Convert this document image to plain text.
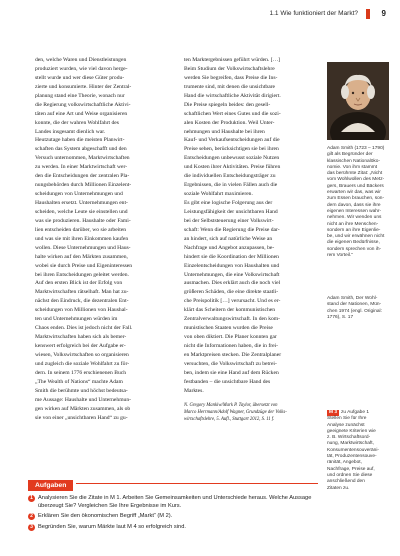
1.1 Wie funktioniert der Markt?	9
den, welche Waren und Dienstleistungen
produziert wurden, wie viel davon herge-
stellt wurde und wer diese Güter produ-
zierte und konsumierte. Hinter der Zentral-
planung stand eine Theorie, wonach nur
die Regierung volkswirtschaftliche Aktivi-
täten auf eine Art und Weise organisieren
konnte, die der wahren Wohlfahrt des
Landes insgesamt dienlich war.
Heutzutage haben die meisten Planwirt-
schaften das System abgeschafft und den
Versuch unternommen, Marktwirtschaften
zu werden. In einer Marktwirtschaft wer-
den die Entscheidungen der zentralen Pla-
nungsbehörden durch Millionen Einzelent-
scheidungen von Unternehmungen und
Haushalten ersetzt. Unternehmungen ent-
scheiden, welche Leute sie einstellen und
was sie produzieren. Haushalte oder Fami-
lien entscheiden darüber, wo sie arbeiten
und was sie mit ihren Einkommen kaufen
wollen. Diese Unternehmungen und Haus-
halte wirken auf den Märkten zusammen,
wobei sie durch Preise und Eigeninteressen
bei ihren Entscheidungen geleitet werden.
Auf den ersten Blick ist der Erfolg von
Marktwirtschaften rätselhaft. Man hat zu-
nächst den Eindruck, die dezentralen Ent-
scheidungen von Millionen von Haushal-
ten und Unternehmungen würden im
Chaos enden. Dies ist jedoch nicht der Fall.
Marktwirtschaften haben sich als bemer-
kenswert erfolgreich bei der Aufgabe er-
wiesen, Volkswirtschaften so organisieren
und zugleich die soziale Wohlfahrt zu för-
dern. In seinem 1776 erschienenen Buch
„The Wealth of Nations“ machte Adam
Smith die berühmte und höchst bedeutsa-
me Aussage: Haushalte und Unternehmun-
gen wirken auf Märkten zusammen, als ob
sie von einer „unsichtbaren Hand“ zu gu-
ten Marktergebnissen geführt würden. […]
Beim Studium der Volkswirtschaftslehre
werden Sie begreifen, dass Preise die Ins-
trumente sind, mit denen die unsichtbare
Hand die wirtschaftliche Aktivität dirigiert.
Die Preise spiegeln beides: den gesell-
schaftlichen Wert eines Gutes und die sozi-
alen Kosten der Produktion. Weil Unter-
nehmungen und Haushalte bei ihren
Kauf- und Verkaufsentscheidungen auf die
Preise sehen, berücksichtigen sie bei ihren
Entscheidungen unbewusst soziale Nutzen
und Kosten ihrer Aktivitäten. Preise führen
die individuellen Entscheidungsträger zu
Ergebnissen, die in vielen Fällen auch die
soziale Wohlfahrt maximieren.
Es gibt eine logische Folgerung aus der
Leistungsfähigkeit der unsichtbaren Hand
bei der Selbststeuerung einer Volkswirt-
schaft: Wenn die Regierung die Preise dar-
an hindert, sich auf natürliche Weise an
Nachfrage und Angebot anzupassen, be-
hindert sie die Koordination der Millionen
Einzelentscheidungen von Haushalten und
Unternehmungen, die eine Volkswirtschaft
ausmachen. Dies erklärt auch die noch viel
größeren Schäden, die eine direkte staatli-
che Preispolitik […] verursacht. Und es er-
klärt das Scheitern der kommunistischen
Zentralverwaltungswirtschaft. In den kom-
munistischen Staaten wurden die Preise
von oben diktiert. Die Planer konnten gar
nicht die Informationen haben, die in frei-
en Marktpreisen stecken. Die Zentralplaner
versuchten, die Volkswirtschaft zu betrei-
ben, indem sie eine Hand auf dem Rücken
festbanden – die unsichtbare Hand des
Marktes.
N. Gregory Mankiw/Mark P. Taylor, übersetzt von
Marco Herrmann/Adolf Wagner, Grundzüge der Volks-
wirtschaftslehre, 5. Aufl., Stuttgart 2012, S. 11 f.
Adam Smith (1723 – 1790)
gilt als Begründer der
klassischen Nationalöko-
nomie. Von ihm stammt
das berühmte Zitat: „Nicht
vom Wohlwollen des Metz-
gers, Brauers und Bäckers
erwarten wir das, was wir
zum Essen brauchen, son-
dern davon, dass sie ihre
eigenen Interessen wahr-
nehmen. Wir wenden uns
nicht an ihre Menschen-
sondern an ihre Eigenlie-
be, und wir erwähnen nicht
die eigenen Bedürfnisse,
sondern sprechen von ih-
rem Vorteil.“
Adam Smith, Der Wohl-
stand der Nationen, Mün-
chen 1974 (engl. Original:
1776), S. 17
M 3 zu Aufgabe 1
Stellen Sie für Ihre
Analyse zunächst
geeignete Kriterien wie
z. B. Wirtschaftsord-
nung, Marktwirtschaft,
Konsumentensouveräni-
tät, Produzentensouve-
ränität, Angebot,
Nachfrage, Preise auf,
und ordnen Sie diese
anschließend den
Zitaten zu.
Aufgaben
1 Analysieren Sie die Zitate in M 1. Arbeiten Sie Gemeinsamkeiten und Unterschiede heraus. Welche Aussage überzeugt Sie? Vergleichen Sie Ihre Ergebnisse im Kurs.

2 Erklären Sie den ökonomischen Begriff „Markt“ (M 2).

3 Begründen Sie, warum Märkte laut M 4 so erfolgreich sind.
